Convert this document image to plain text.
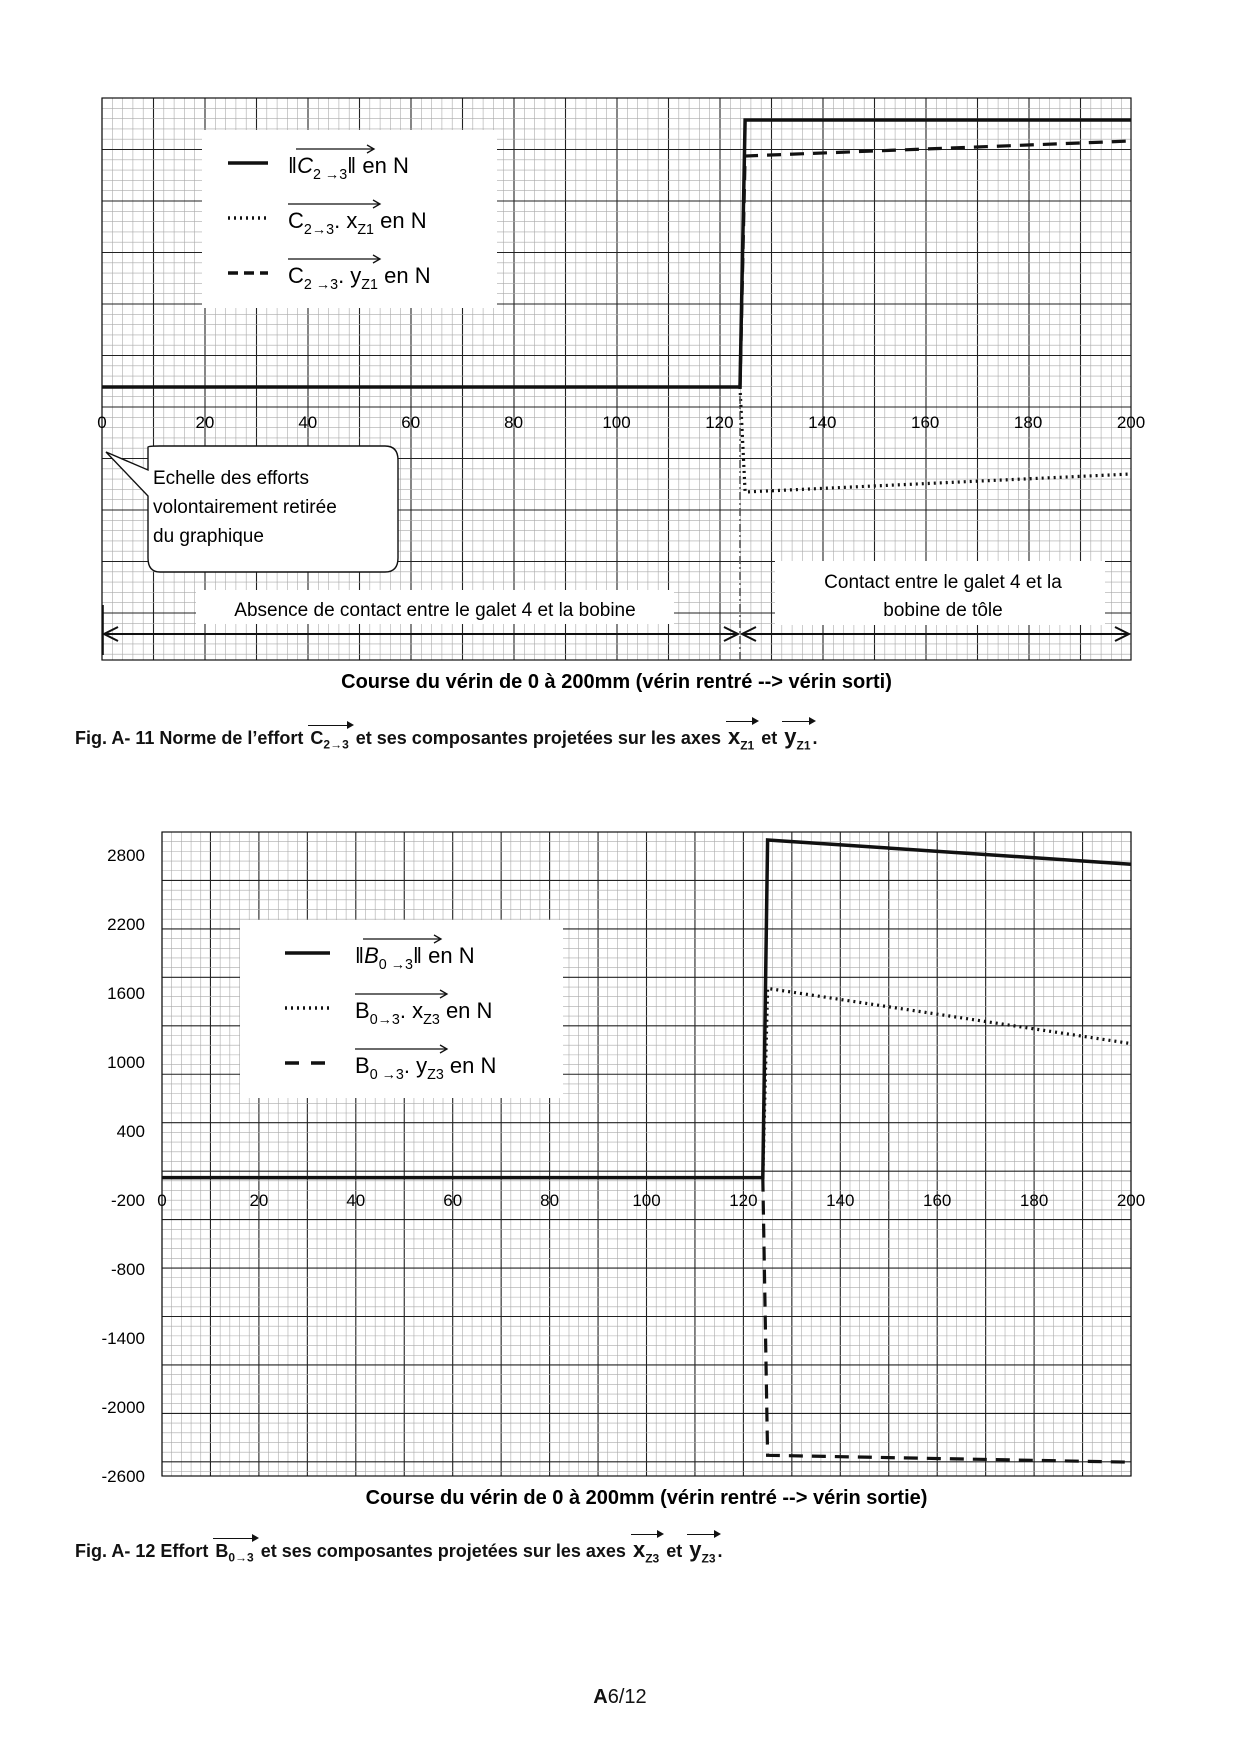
0	20	40	60	80	100	120	140	160	180	200
$‖C_{2 \to 3}‖$ en N
$C_{2\to 3}$. $x_{Z1}$ en N
$C_{2 \to 3}$. $y_{Z1}$ en N
Echelle des efforts
volontairement retirée
du graphique
Absence de contact entre le galet 4 et la bobine
Contact entre le galet 4 et la
bobine de tôle
Course du vérin de 0 à 200mm (vérin rentré --> vérin sorti)
2800
2200
1600
1000
400
-200
-800
-1400
-2000
-2600
0	20	40	60	80	100	120	140	160	180	200
$‖B_{0 \to 3}‖$ en N
$B_{0\to 3}$. $x_{Z3}$ en N
$B_{0 \to 3}$. $y_{Z3}$ en N
Course du vérin de 0 à 200mm (vérin rentré --> vérin sortie)
Fig. A- 11 Norme de l’effort $C_{2\to 3}$ et ses composantes projetées sur les axes $x_{Z1}$ et $y_{Z1}$ .
Fig. A- 12 Effort $B_{0\to 3}$ et ses composantes projetées sur les axes $x_{Z3}$ et $y_{Z3}$ .
A6/12
